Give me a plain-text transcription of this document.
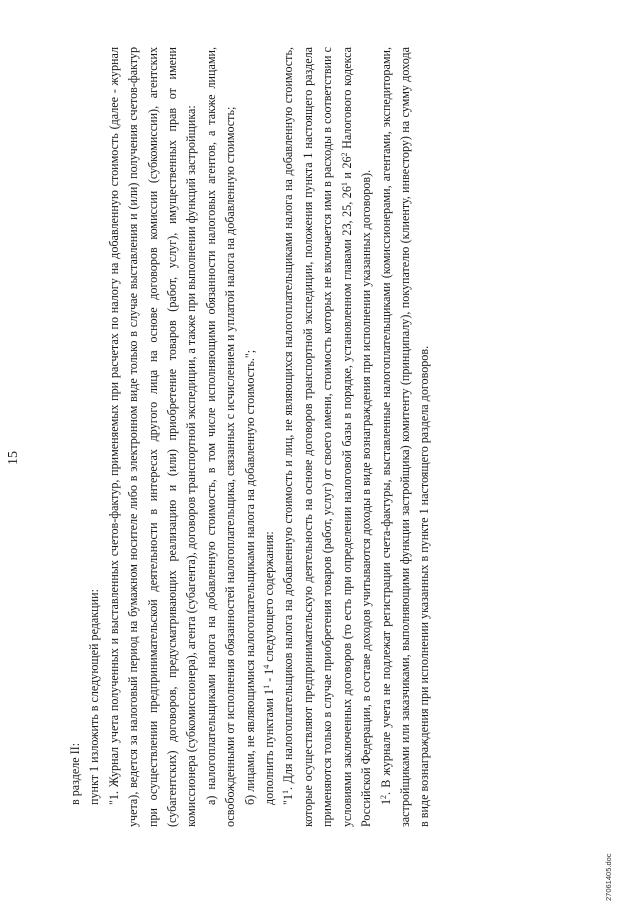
15

в разделе II: пункт 1 изложить в следующей редакции: "1. Журнал учета полученных и выставленных счетов-фактур, применяемых при расчетах по налогу на добавленную стоимость (далее - журнал учета), ведется за налоговый период на бумажном носителе либо в электронном виде только в случае выставления и (или) получения счетов-фактур при осуществлении предпринимательской деятельности в интересах другого лица на основе договоров комиссии (субкомиссии), агентских (субагентских) договоров, предусматривающих реализацию и (или) приобретение товаров (работ, услуг), имущественных прав от имени комиссионера (субкомиссионера), агента (субагента), договоров транспортной экспедиции, а также при выполнении функций застройщика: а) налогоплательщиками налога на добавленную стоимость, в том числе исполняющими обязанности налоговых агентов, а также лицами, освобожденными от исполнения обязанностей налогоплательщика, связанных с исчислением и уплатой налога на добавленную стоимость; б) лицами, не являющимися налогоплательщиками налога на добавленную стоимость."; дополнить пунктами $1^1 - 1^4$ следующего содержания:

"$1^1$. Для налогоплательщиков налога на добавленную стоимость и лиц, не являющихся налогоплательщиками налога на добавленную стоимость, которые осуществляют предпринимательскую деятельность на основе договоров транспортной экспедиции, положения пункта 1 настоящего раздела применяются только в случае приобретения товаров (работ, услуг) от своего имени, стоимость которых не включается ими в расходы в соответствии с условиями заключенных договоров (то есть при определении налоговой базы в порядке, установленном главами 23, 25, $26^1$ и $26^2$ Налогового кодекса Российской Федерации, в составе доходов учитываются доходы в виде вознаграждения при исполнении указанных договоров). $1^2$. В журнале учета не подлежат регистрации счета-фактуры, выставленные налогоплательщиками (комиссионерами, агентами, экспедиторами, застройщиками или заказчиками, выполняющими функции застройщика) комитенту (принципалу), покупателю (клиенту, инвестору) на сумму дохода в виде вознаграждения при исполнении указанных в пункте 1 настоящего раздела договоров.

27061405.doc
